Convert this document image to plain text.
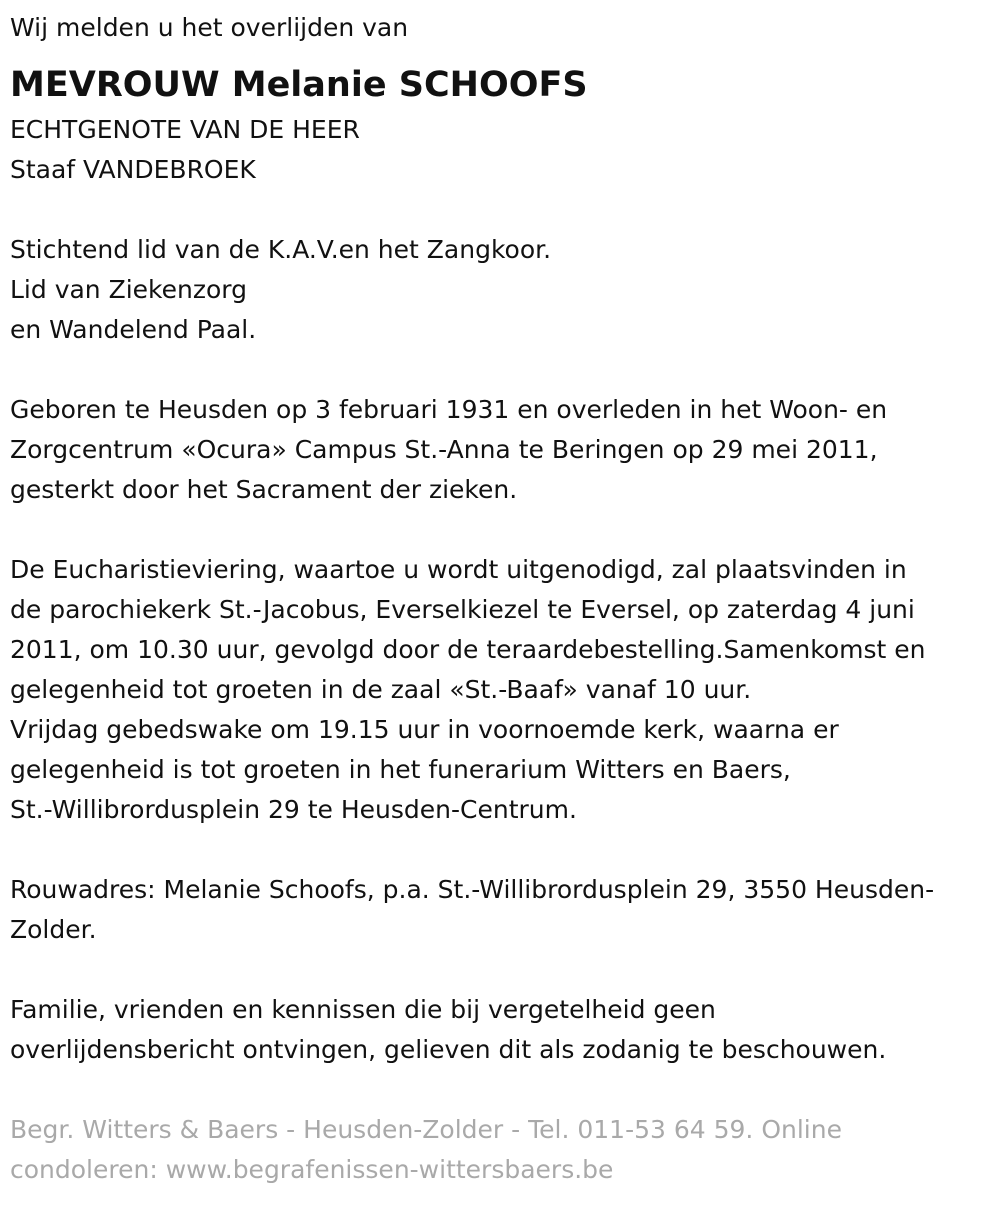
Wij melden u het overlijden van
MEVROUW Melanie SCHOOFS
ECHTGENOTE VAN DE HEER
Staaf VANDEBROEK
Stichtend lid van de K.A.V.en het Zangkoor.
Lid van Ziekenzorg
en Wandelend Paal.
Geboren te Heusden op 3 februari 1931 en overleden in het Woon- en
Zorgcentrum «Ocura» Campus St.-Anna te Beringen op 29 mei 2011,
gesterkt door het Sacrament der zieken.
De Eucharistieviering, waartoe u wordt uitgenodigd, zal plaatsvinden in
de parochiekerk St.-Jacobus, Everselkiezel te Eversel, op zaterdag 4 juni
2011, om 10.30 uur, gevolgd door de teraardebestelling.Samenkomst en
gelegenheid tot groeten in de zaal «St.-Baaf» vanaf 10 uur.
Vrijdag gebedswake om 19.15 uur in voornoemde kerk, waarna er
gelegenheid is tot groeten in het funerarium Witters en Baers,
St.-Willibrordusplein 29 te Heusden-Centrum.
Rouwadres: Melanie Schoofs, p.a. St.-Willibrordusplein 29, 3550 Heusden-
Zolder.
Familie, vrienden en kennissen die bij vergetelheid geen
overlijdensbericht ontvingen, gelieven dit als zodanig te beschouwen.
Begr. Witters & Baers - Heusden-Zolder - Tel. 011-53 64 59. Online
condoleren: www.begrafenissen-wittersbaers.be
